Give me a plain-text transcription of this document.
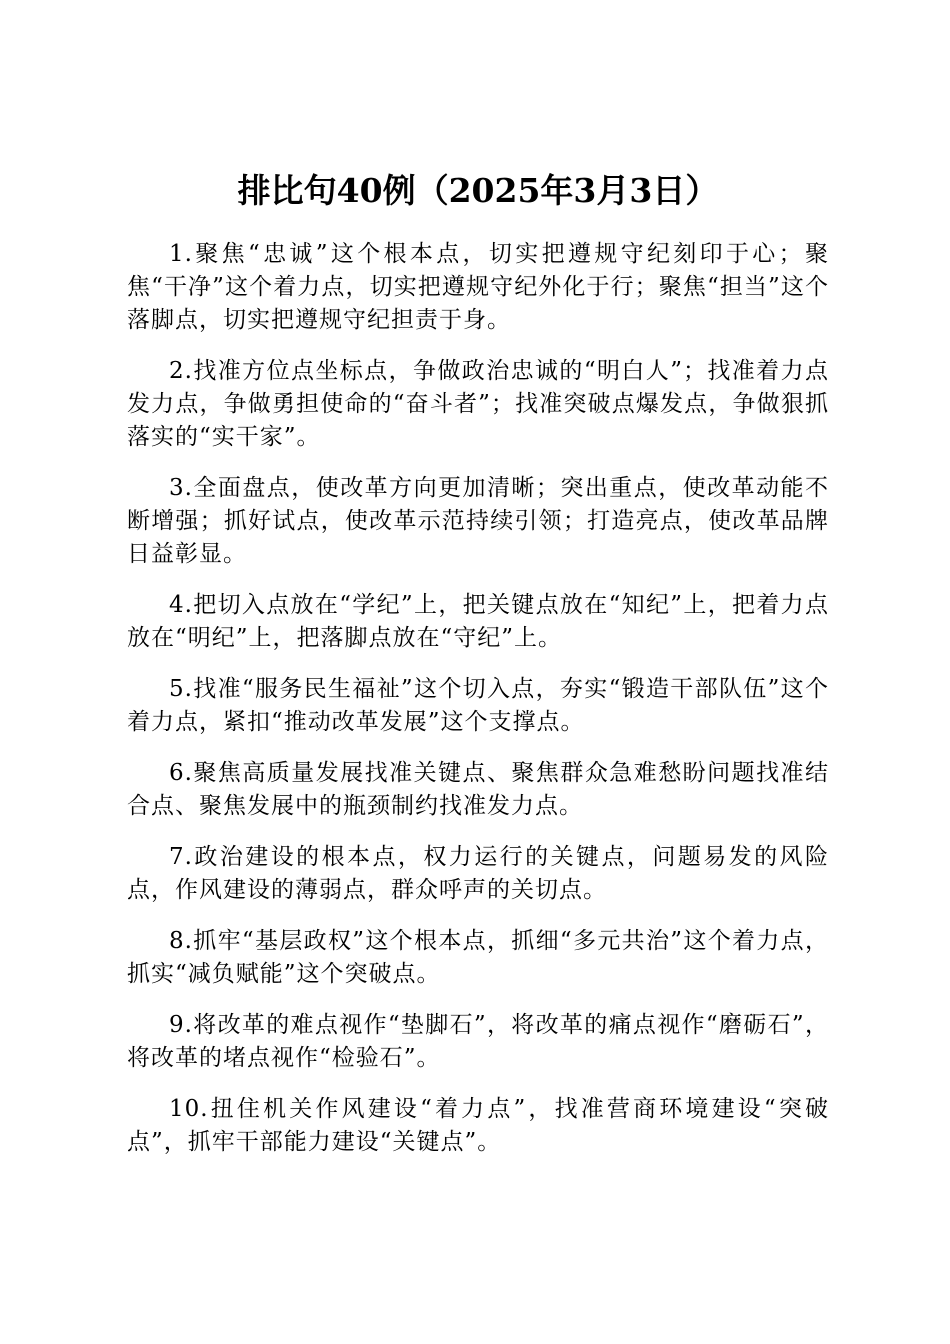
排比句40例（2025年3月3日）

1.聚焦“忠诚”这个根本点，切实把遵规守纪刻印于心；聚焦“干净”这个着力点，切实把遵规守纪外化于行；聚焦“担当”这个落脚点，切实把遵规守纪担责于身。

2.找准方位点坐标点，争做政治忠诚的“明白人”；找准着力点发力点，争做勇担使命的“奋斗者”；找准突破点爆发点，争做狠抓落实的“实干家”。

3.全面盘点，使改革方向更加清晰；突出重点，使改革动能不断增强；抓好试点，使改革示范持续引领；打造亮点，使改革品牌日益彰显。

4.把切入点放在“学纪”上，把关键点放在“知纪”上，把着力点放在“明纪”上，把落脚点放在“守纪”上。

5.找准“服务民生福祉”这个切入点，夯实“锻造干部队伍”这个着力点，紧扣“推动改革发展”这个支撑点。

6.聚焦高质量发展找准关键点、聚焦群众急难愁盼问题找准结合点、聚焦发展中的瓶颈制约找准发力点。

7.政治建设的根本点，权力运行的关键点，问题易发的风险点，作风建设的薄弱点，群众呼声的关切点。

8.抓牢“基层政权”这个根本点，抓细“多元共治”这个着力点，抓实“减负赋能”这个突破点。

9.将改革的难点视作“垫脚石”，将改革的痛点视作“磨砺石”，将改革的堵点视作“检验石”。

10.扭住机关作风建设“着力点”，找准营商环境建设“突破点”，抓牢干部能力建设“关键点”。
